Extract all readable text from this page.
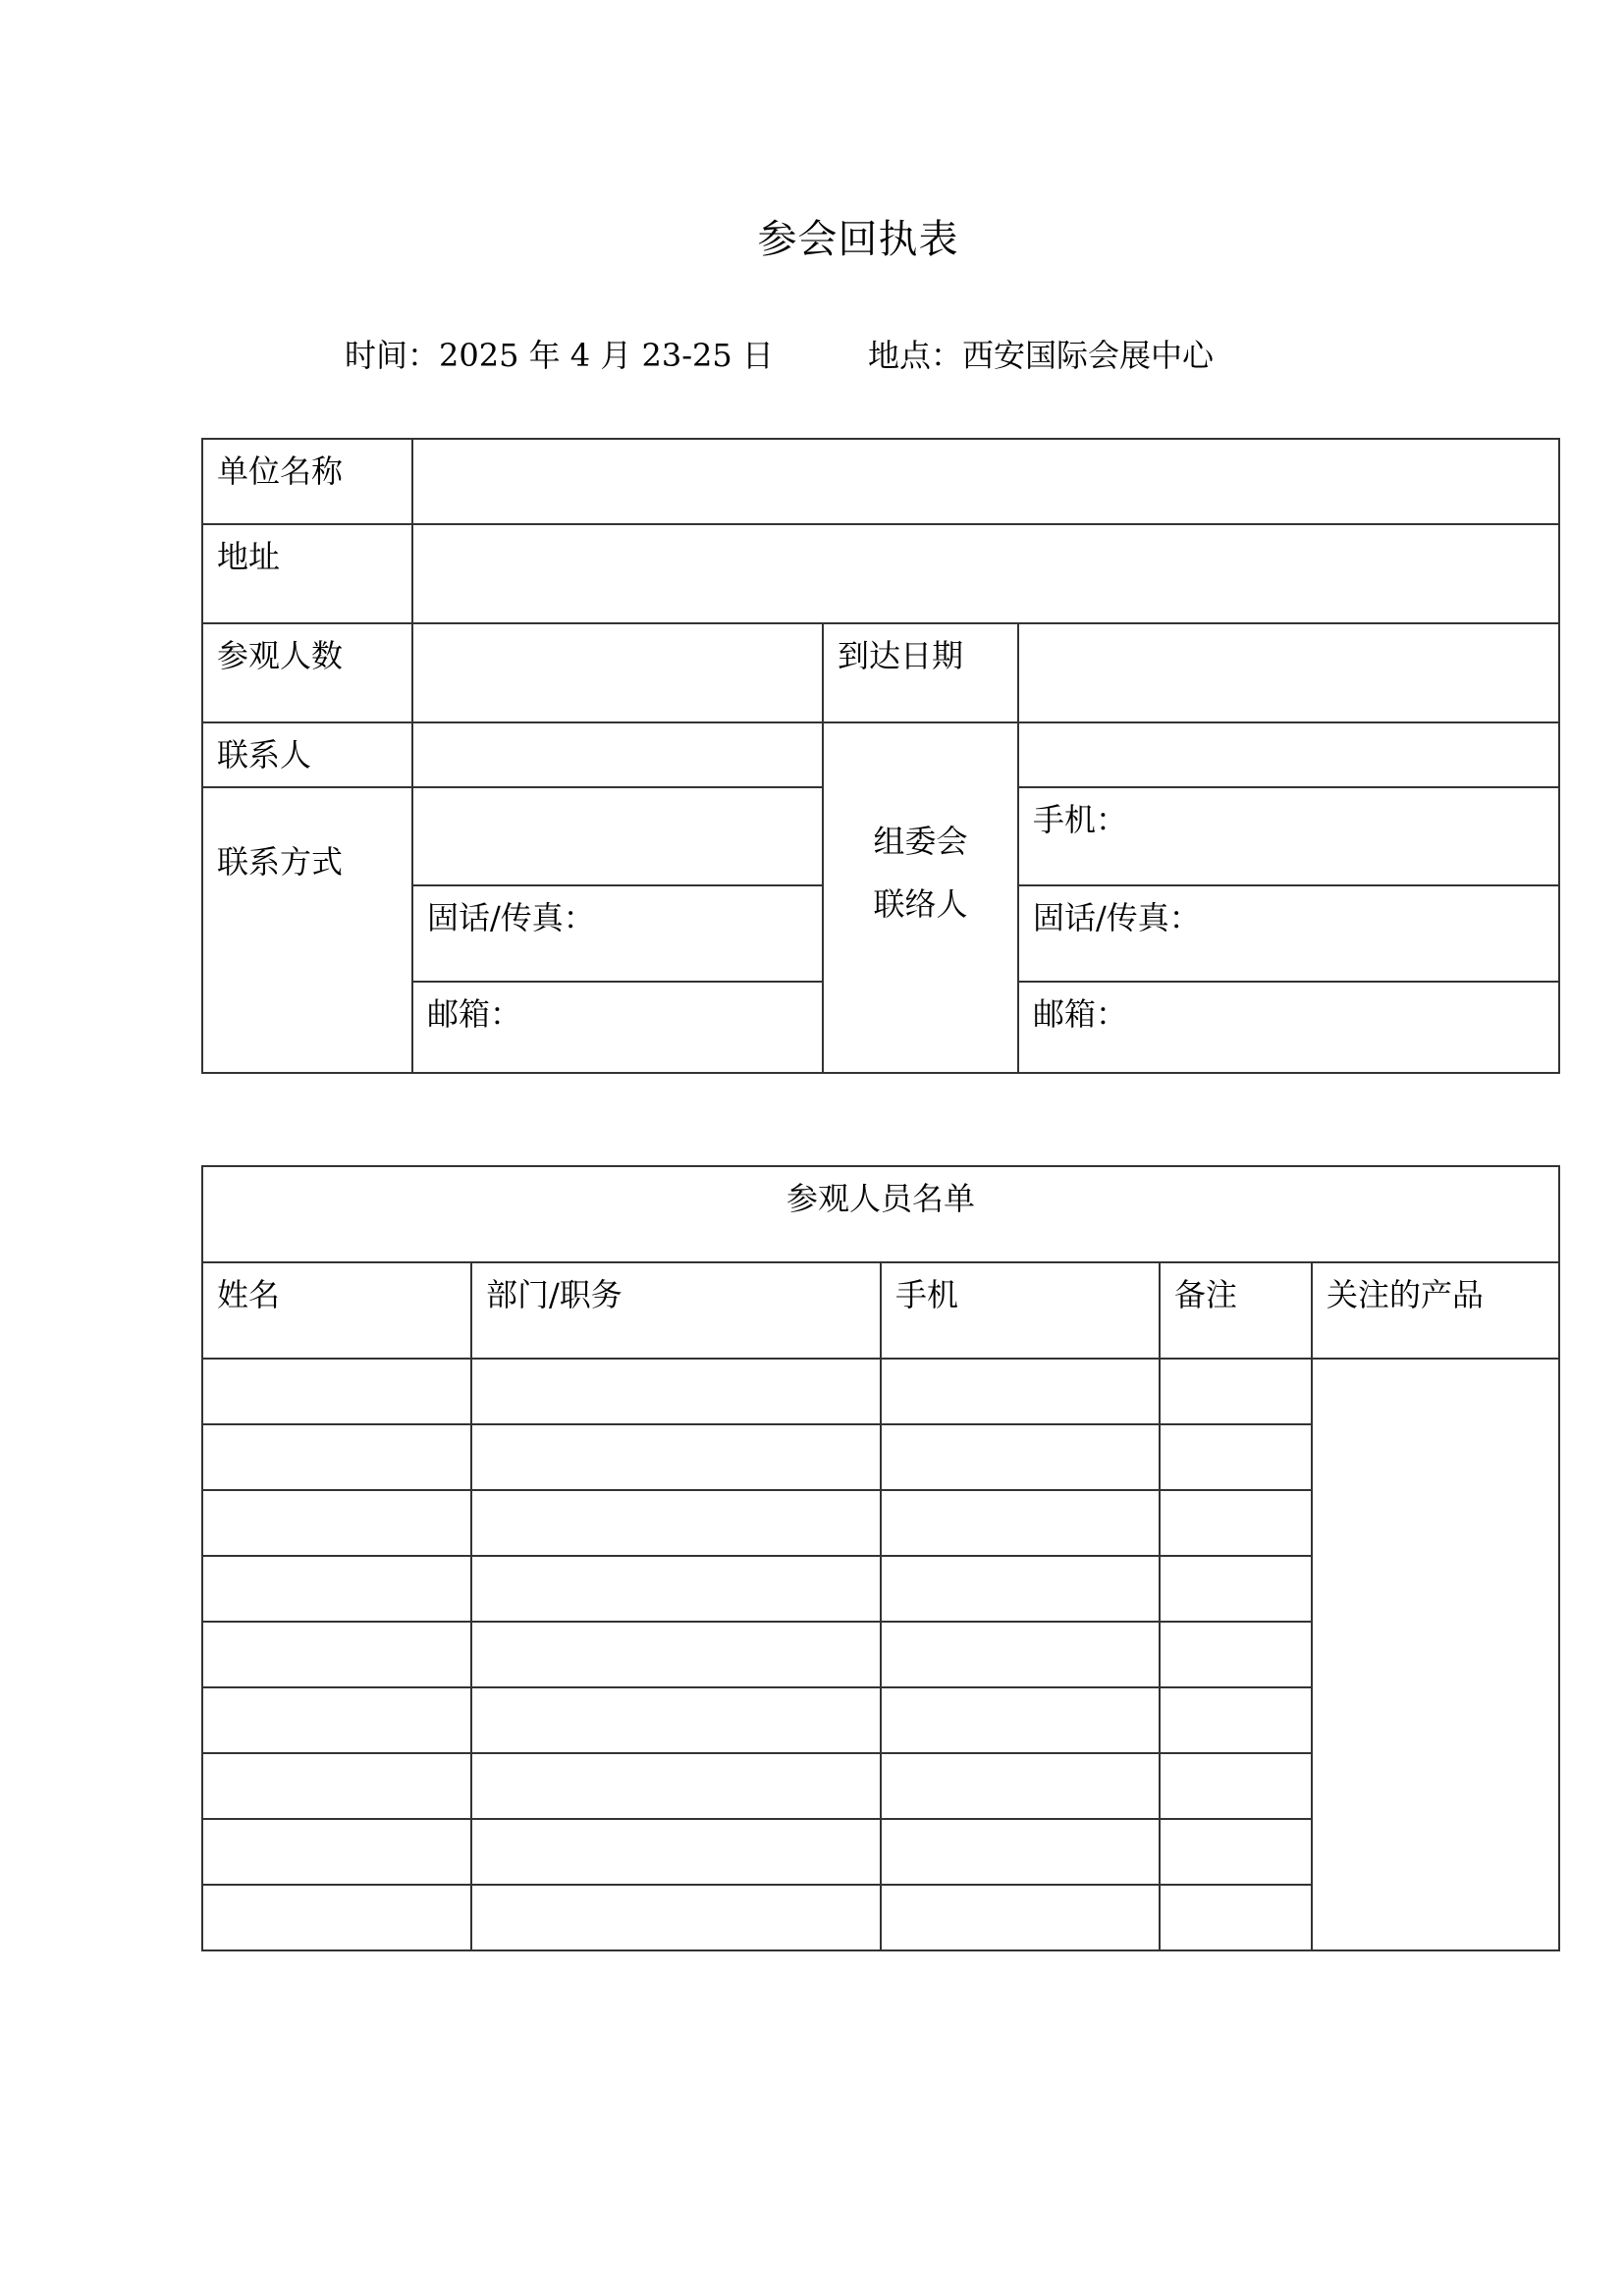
参会回执表
时间：2025 年 4 月 23-25 日	地点：西安国际会展中心
单位名称			

地址			

参观人数		到达日期	

联系人		组委会
联络人	

联系方式			手机：

	固话/传真：		固话/传真：

	邮箱：		邮箱：
参观人员名单				

姓名	部门/职务	手机	备注	关注的产品
